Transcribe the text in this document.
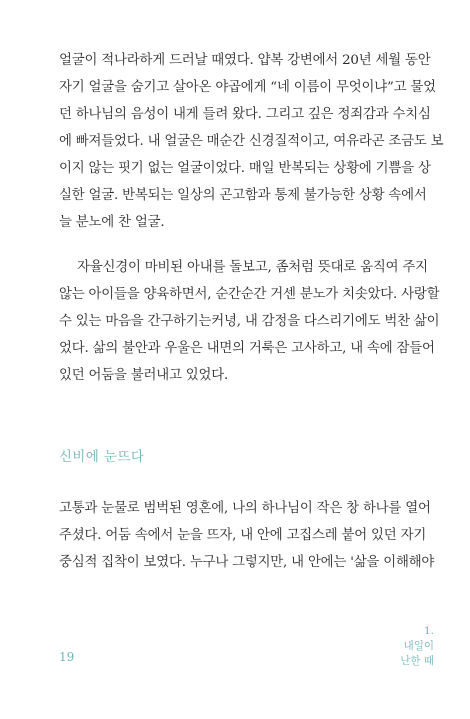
얼굴이 적나라하게 드러날 때였다. 얍복 강변에서 20년 세월 동안
자기 얼굴을 숨기고 살아온 야곱에게 “네 이름이 무엇이냐”고 물었
던 하나님의 음성이 내게 들려 왔다. 그리고 깊은 정죄감과 수치심
에 빠져들었다. 내 얼굴은 매순간 신경질적이고, 여유라곤 조금도 보
이지 않는 핏기 없는 얼굴이었다. 매일 반복되는 상황에 기쁨을 상
실한 얼굴. 반복되는 일상의 곤고함과 통제 불가능한 상황 속에서
늘 분노에 찬 얼굴.
자율신경이 마비된 아내를 돌보고, 좀처럼 뜻대로 움직여 주지
않는 아이들을 양육하면서, 순간순간 거센 분노가 치솟았다. 사랑할
수 있는 마음을 간구하기는커녕, 내 감정을 다스리기에도 벅찬 삶이
었다. 삶의 불안과 우울은 내면의 거룩은 고사하고, 내 속에 잠들어
있던 어둠을 불러내고 있었다.
신비에 눈뜨다
고통과 눈물로 범벅된 영혼에, 나의 하나님이 작은 창 하나를 열어
주셨다. 어둠 속에서 눈을 뜨자, 내 안에 고집스레 붙어 있던 자기
중심적 집착이 보였다. 누구나 그렇지만, 내 안에는 '삶을 이해해야
1.
내일이
난한 때
19
